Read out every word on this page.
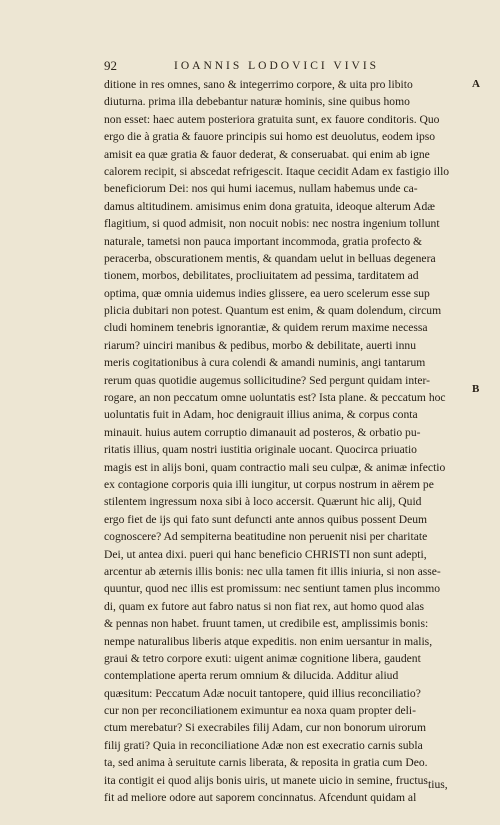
92	IOANNIS LODOVICI VIVIS
A
B
ditione in res omnes, sano & integerrimo corpore, & uita pro libito
diuturna. prima illa debebantur naturæ hominis, sine quibus homo
non esset: haec autem posteriora gratuita sunt, ex fauore conditoris. Quo
ergo die à gratia & fauore principis sui homo est deuolutus, eodem ipso
amisit ea quæ gratia & fauor dederat, & conseruabat. qui enim ab igne
calorem recipit, si abscedat refrigescit. Itaque cecidit Adam ex fastigio illo
beneficiorum Dei: nos qui humi iacemus, nullam habemus unde ca-
damus altitudinem. amisimus enim dona gratuita, ideoque alterum Adæ
flagitium, si quod admisit, non nocuit nobis: nec nostra ingenium tollunt
naturale, tametsi non pauca important incommoda, gratia profecto &
peracerba, obscurationem mentis, & quandam uelut in belluas degenera
tionem, morbos, debilitates, procliuitatem ad pessima, tarditatem ad
optima, quæ omnia uidemus indies glissere, ea uero scelerum esse sup
plicia dubitari non potest. Quantum est enim, & quam dolendum, circum
cludi hominem tenebris ignorantiæ, & quidem rerum maxime necessa
riarum? uinciri manibus & pedibus, morbo & debilitate, auerti innu
meris cogitationibus à cura colendi & amandi numinis, angi tantarum
rerum quas quotidie augemus sollicitudine? Sed pergunt quidam inter-
rogare, an non peccatum omne uoluntatis est? Ista plane. & peccatum hoc
uoluntatis fuit in Adam, hoc denigrauit illius anima, & corpus conta
minauit. huius autem corruptio dimanauit ad posteros, & orbatio pu-
ritatis illius, quam nostri iustitia originale uocant. Quocirca priuatio
magis est in alijs boni, quam contractio mali seu culpæ, & animæ infectio
ex contagione corporis quia illi iungitur, ut corpus nostrum in aërem pe
stilentem ingressum noxa sibi à loco accersit. Quærunt hic alij, Quid
ergo fiet de ijs qui fato sunt defuncti ante annos quibus possent Deum
cognoscere? Ad sempiterna beatitudine non peruenit nisi per charitate
Dei, ut antea dixi. pueri qui hanc beneficio CHRISTI non sunt adepti,
arcentur ab æternis illis bonis: nec ulla tamen fit illis iniuria, si non asse-
quuntur, quod nec illis est promissum: nec sentiunt tamen plus incommo
di, quam ex futore aut fabro natus si non fiat rex, aut homo quod alas
& pennas non habet. fruunt tamen, ut credibile est, amplissimis bonis:
nempe naturalibus liberis atque expeditis. non enim uersantur in malis,
graui & tetro corpore exuti: uigent animæ cognitione libera, gaudent
contemplatione aperta rerum omnium & dilucida. Additur aliud
quæsitum: Peccatum Adæ nocuit tantopere, quid illius reconciliatio?
cur non per reconciliationem eximuntur ea noxa quam propter deli-
ctum merebatur? Si execrabiles filij Adam, cur non bonorum uirorum
filij grati? Quia in reconciliatione Adæ non est execratio carnis subla
ta, sed anima à seruitute carnis liberata, & reposita in gratia cum Deo.
ita contigit ei quod alijs bonis uiris, ut manete uicio in semine, fructus
fit ad meliore odore aut saporem concinnatus. Afcendunt quidam al
tius,
